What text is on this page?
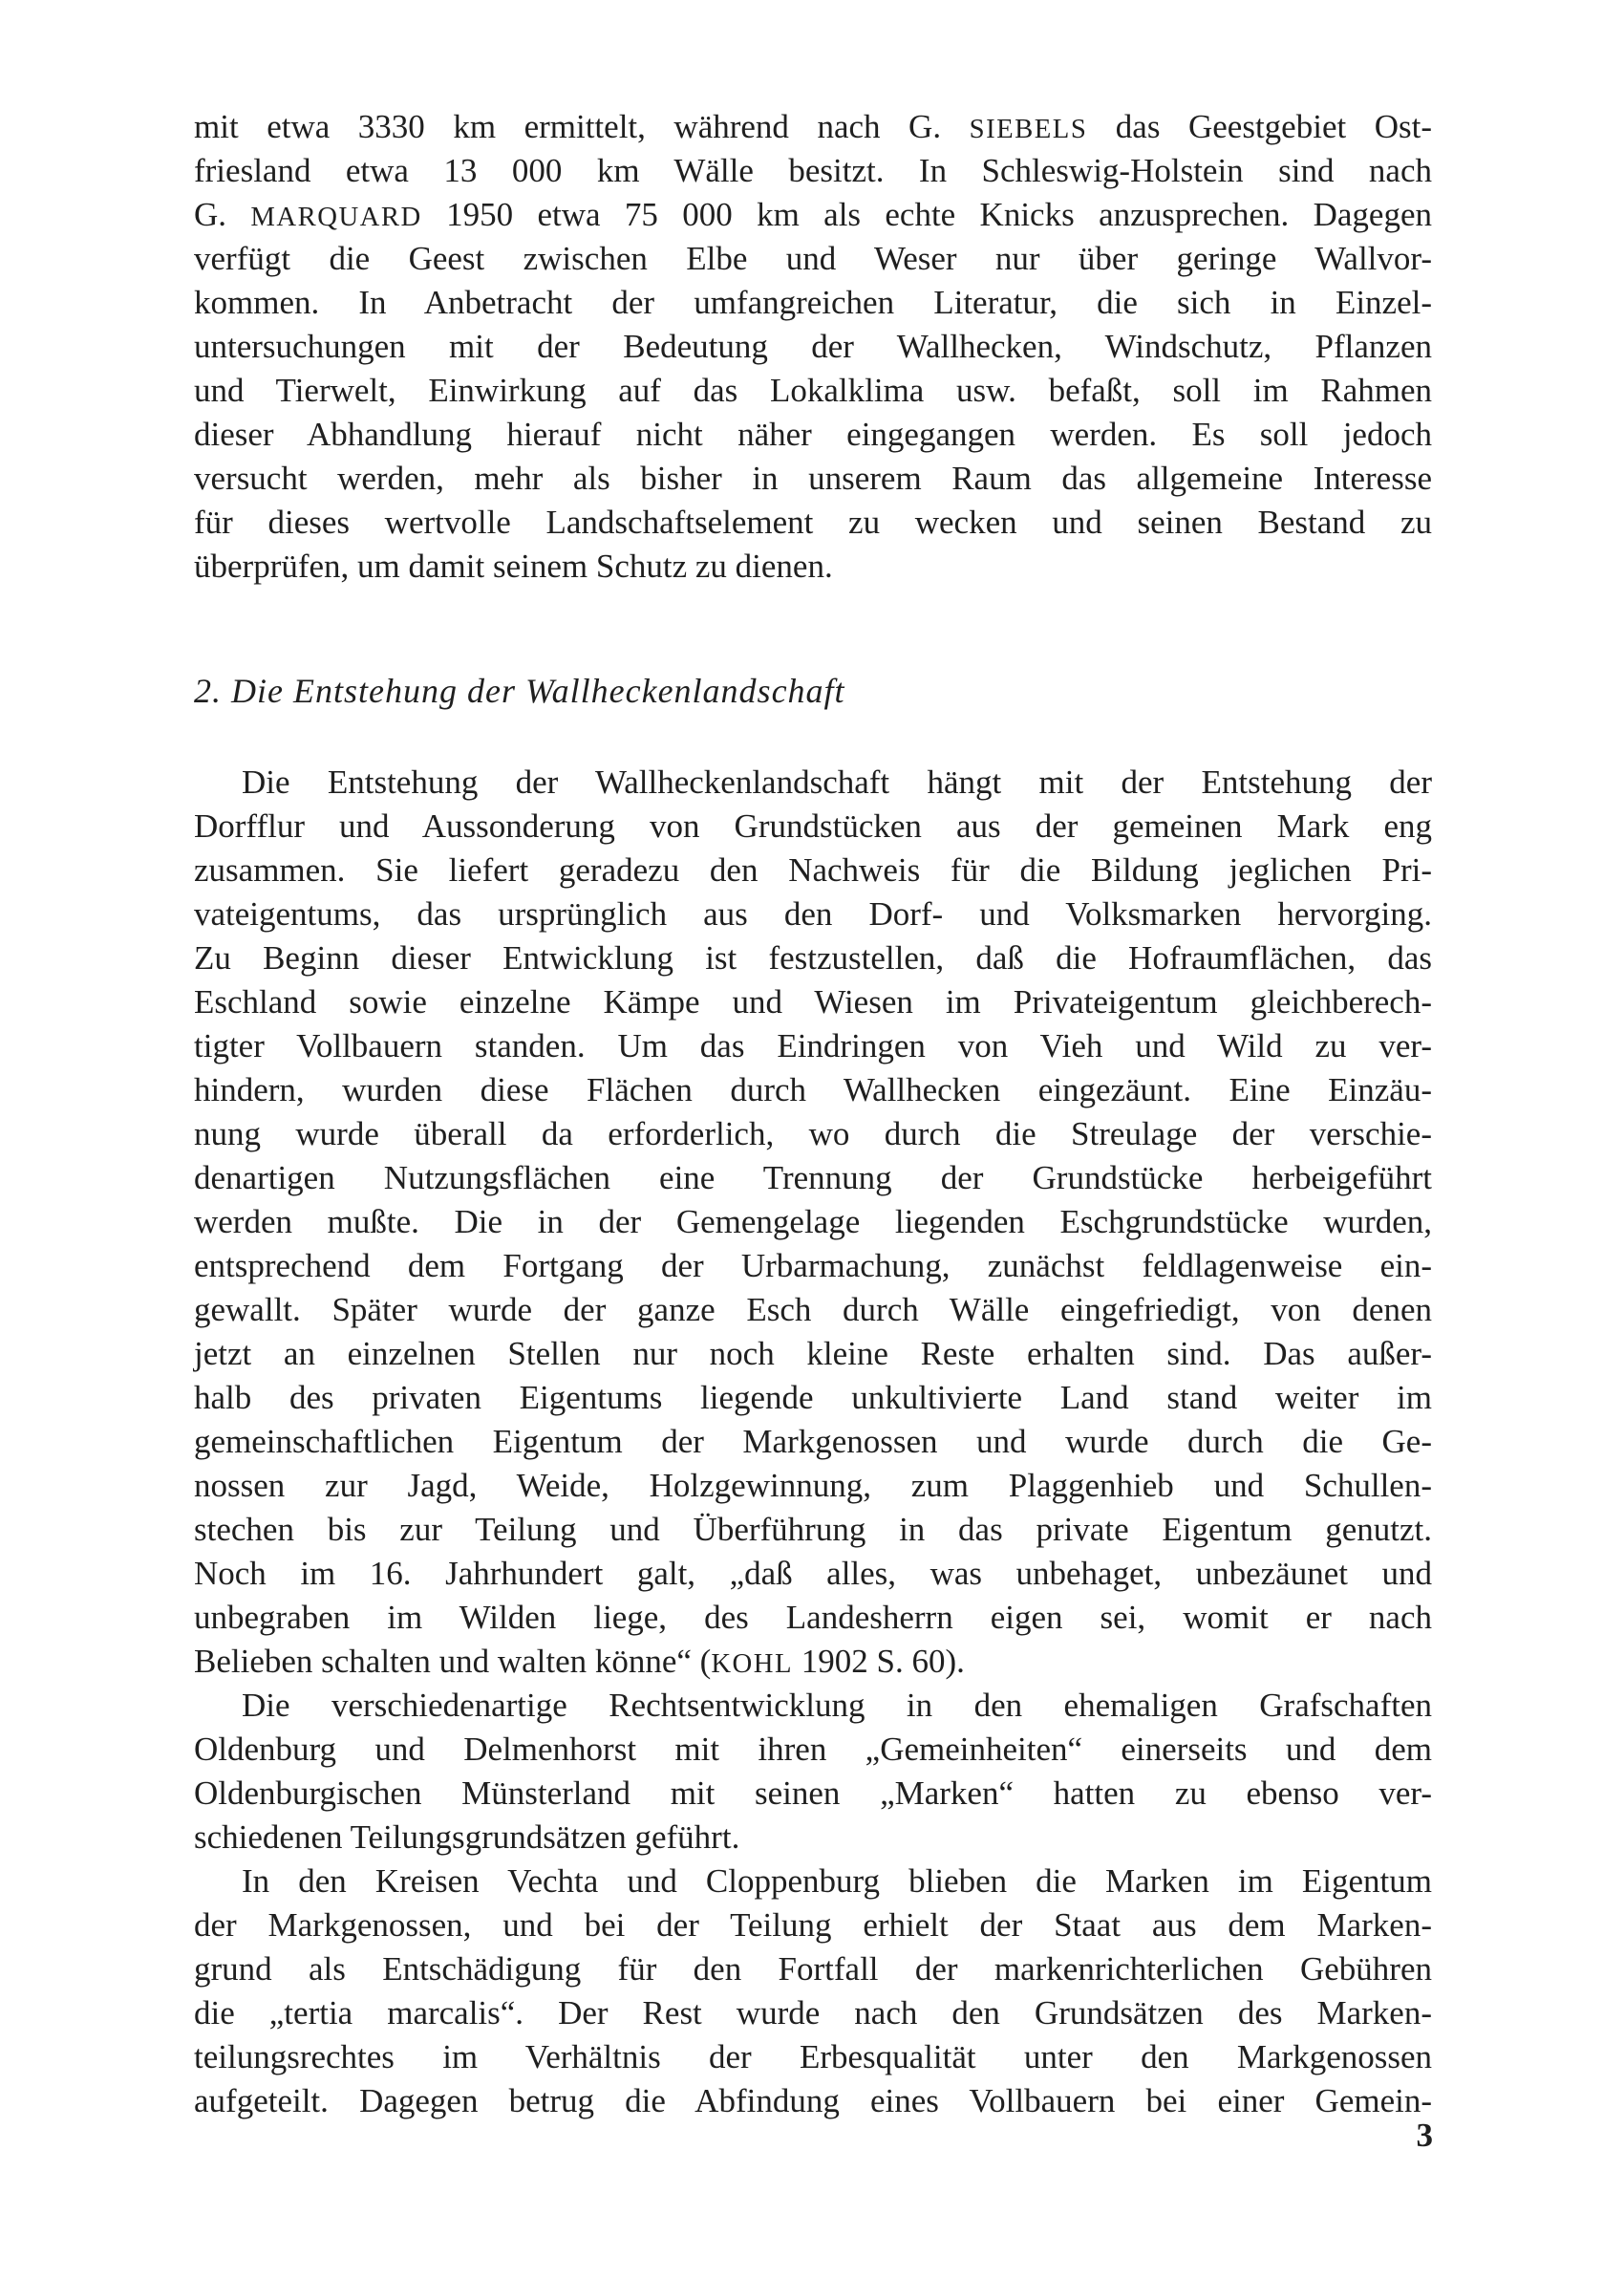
mit etwa 3330 km ermittelt, während nach G. SIEBELS das Geestgebiet Ost-
friesland etwa 13 000 km Wälle besitzt. In Schleswig-Holstein sind nach
G. MARQUARD 1950 etwa 75 000 km als echte Knicks anzusprechen. Dagegen
verfügt die Geest zwischen Elbe und Weser nur über geringe Wallvor-
kommen. In Anbetracht der umfangreichen Literatur, die sich in Einzel-
untersuchungen mit der Bedeutung der Wallhecken, Windschutz, Pflanzen
und Tierwelt, Einwirkung auf das Lokalklima usw. befaßt, soll im Rahmen
dieser Abhandlung hierauf nicht näher eingegangen werden. Es soll jedoch
versucht werden, mehr als bisher in unserem Raum das allgemeine Interesse
für dieses wertvolle Landschaftselement zu wecken und seinen Bestand zu
überprüfen, um damit seinem Schutz zu dienen.
2. Die Entstehung der Wallheckenlandschaft
Die Entstehung der Wallheckenlandschaft hängt mit der Entstehung der
Dorfflur und Aussonderung von Grundstücken aus der gemeinen Mark eng
zusammen. Sie liefert geradezu den Nachweis für die Bildung jeglichen Pri-
vateigentums, das ursprünglich aus den Dorf- und Volksmarken hervorging.
Zu Beginn dieser Entwicklung ist festzustellen, daß die Hofraumflächen, das
Eschland sowie einzelne Kämpe und Wiesen im Privateigentum gleichberech-
tigter Vollbauern standen. Um das Eindringen von Vieh und Wild zu ver-
hindern, wurden diese Flächen durch Wallhecken eingezäunt. Eine Einzäu-
nung wurde überall da erforderlich, wo durch die Streulage der verschie-
denartigen Nutzungsflächen eine Trennung der Grundstücke herbeigeführt
werden mußte. Die in der Gemengelage liegenden Eschgrundstücke wurden,
entsprechend dem Fortgang der Urbarmachung, zunächst feldlagenweise ein-
gewallt. Später wurde der ganze Esch durch Wälle eingefriedigt, von denen
jetzt an einzelnen Stellen nur noch kleine Reste erhalten sind. Das außer-
halb des privaten Eigentums liegende unkultivierte Land stand weiter im
gemeinschaftlichen Eigentum der Markgenossen und wurde durch die Ge-
nossen zur Jagd, Weide, Holzgewinnung, zum Plaggenhieb und Schullen-
stechen bis zur Teilung und Überführung in das private Eigentum genutzt.
Noch im 16. Jahrhundert galt, „daß alles, was unbehaget, unbezäunet und
unbegraben im Wilden liege, des Landesherrn eigen sei, womit er nach
Belieben schalten und walten könne“ (KOHL 1902 S. 60).
Die verschiedenartige Rechtsentwicklung in den ehemaligen Grafschaften
Oldenburg und Delmenhorst mit ihren „Gemeinheiten“ einerseits und dem
Oldenburgischen Münsterland mit seinen „Marken“ hatten zu ebenso ver-
schiedenen Teilungsgrundsätzen geführt.
In den Kreisen Vechta und Cloppenburg blieben die Marken im Eigentum
der Markgenossen, und bei der Teilung erhielt der Staat aus dem Marken-
grund als Entschädigung für den Fortfall der markenrichterlichen Gebühren
die „tertia marcalis“. Der Rest wurde nach den Grundsätzen des Marken-
teilungsrechtes im Verhältnis der Erbesqualität unter den Markgenossen
aufgeteilt. Dagegen betrug die Abfindung eines Vollbauern bei einer Gemein-
3
